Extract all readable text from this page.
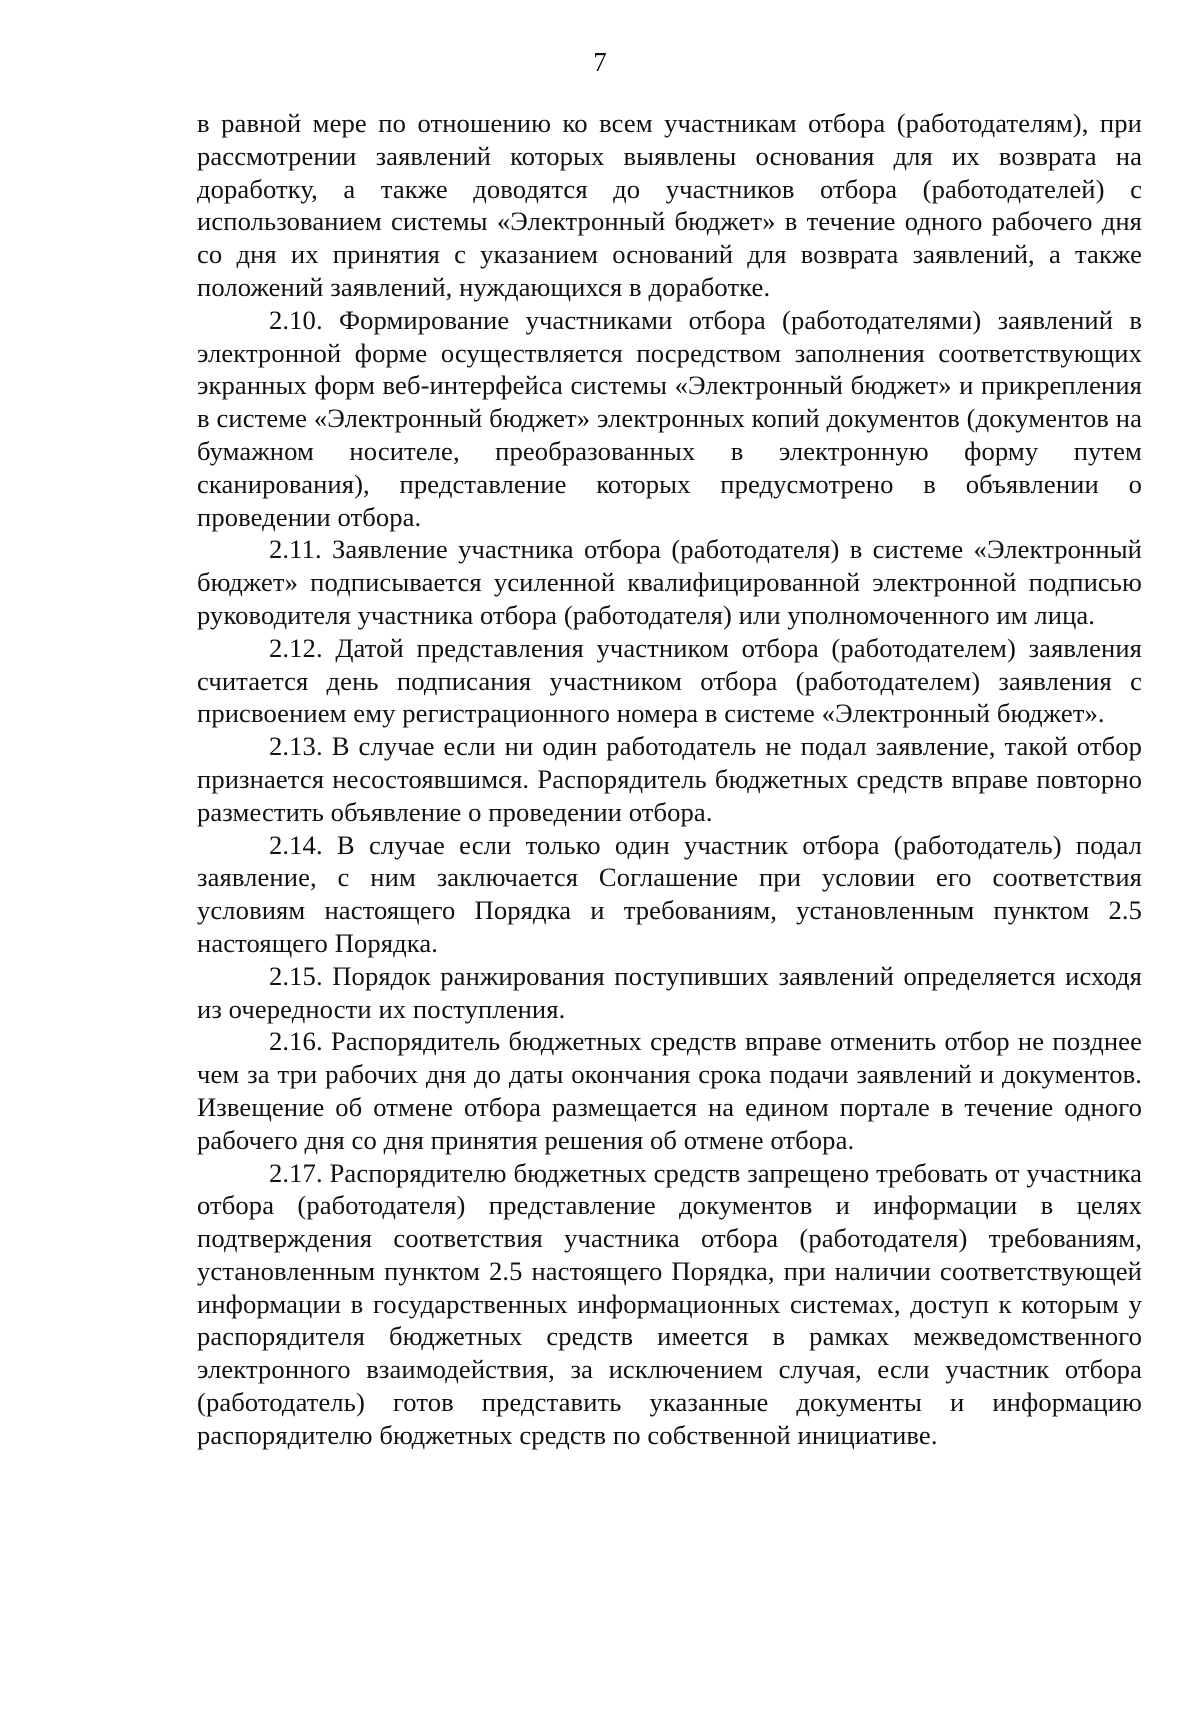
7

в равной мере по отношению ко всем участникам отбора (работодателям), при рассмотрении заявлений которых выявлены основания для их возврата на доработку, а также доводятся до участников отбора (работодателей) с использованием системы «Электронный бюджет» в течение одного рабочего дня со дня их принятия с указанием оснований для возврата заявлений, а также положений заявлений, нуждающихся в доработке.

2.10. Формирование участниками отбора (работодателями) заявлений в электронной форме осуществляется посредством заполнения соответствующих экранных форм веб-интерфейса системы «Электронный бюджет» и прикрепления в системе «Электронный бюджет» электронных копий документов (документов на бумажном носителе, преобразованных в электронную форму путем сканирования), представление которых предусмотрено в объявлении о проведении отбора.

2.11. Заявление участника отбора (работодателя) в системе «Электронный бюджет» подписывается усиленной квалифицированной электронной подписью руководителя участника отбора (работодателя) или уполномоченного им лица.

2.12. Датой представления участником отбора (работодателем) заявления считается день подписания участником отбора (работодателем) заявления с присвоением ему регистрационного номера в системе «Электронный бюджет».

2.13. В случае если ни один работодатель не подал заявление, такой отбор признается несостоявшимся. Распорядитель бюджетных средств вправе повторно разместить объявление о проведении отбора.

2.14. В случае если только один участник отбора (работодатель) подал заявление, с ним заключается Соглашение при условии его соответствия условиям настоящего Порядка и требованиям, установленным пунктом 2.5 настоящего Порядка.

2.15. Порядок ранжирования поступивших заявлений определяется исходя из очередности их поступления.

2.16. Распорядитель бюджетных средств вправе отменить отбор не позднее чем за три рабочих дня до даты окончания срока подачи заявлений и документов. Извещение об отмене отбора размещается на едином портале в течение одного рабочего дня со дня принятия решения об отмене отбора.

2.17. Распорядителю бюджетных средств запрещено требовать от участника отбора (работодателя) представление документов и информации в целях подтверждения соответствия участника отбора (работодателя) требованиям, установленным пунктом 2.5 настоящего Порядка, при наличии соответствующей информации в государственных информационных системах, доступ к которым у распорядителя бюджетных средств имеется в рамках межведомственного электронного взаимодействия, за исключением случая, если участник отбора (работодатель) готов представить указанные документы и информацию распорядителю бюджетных средств по собственной инициативе.
